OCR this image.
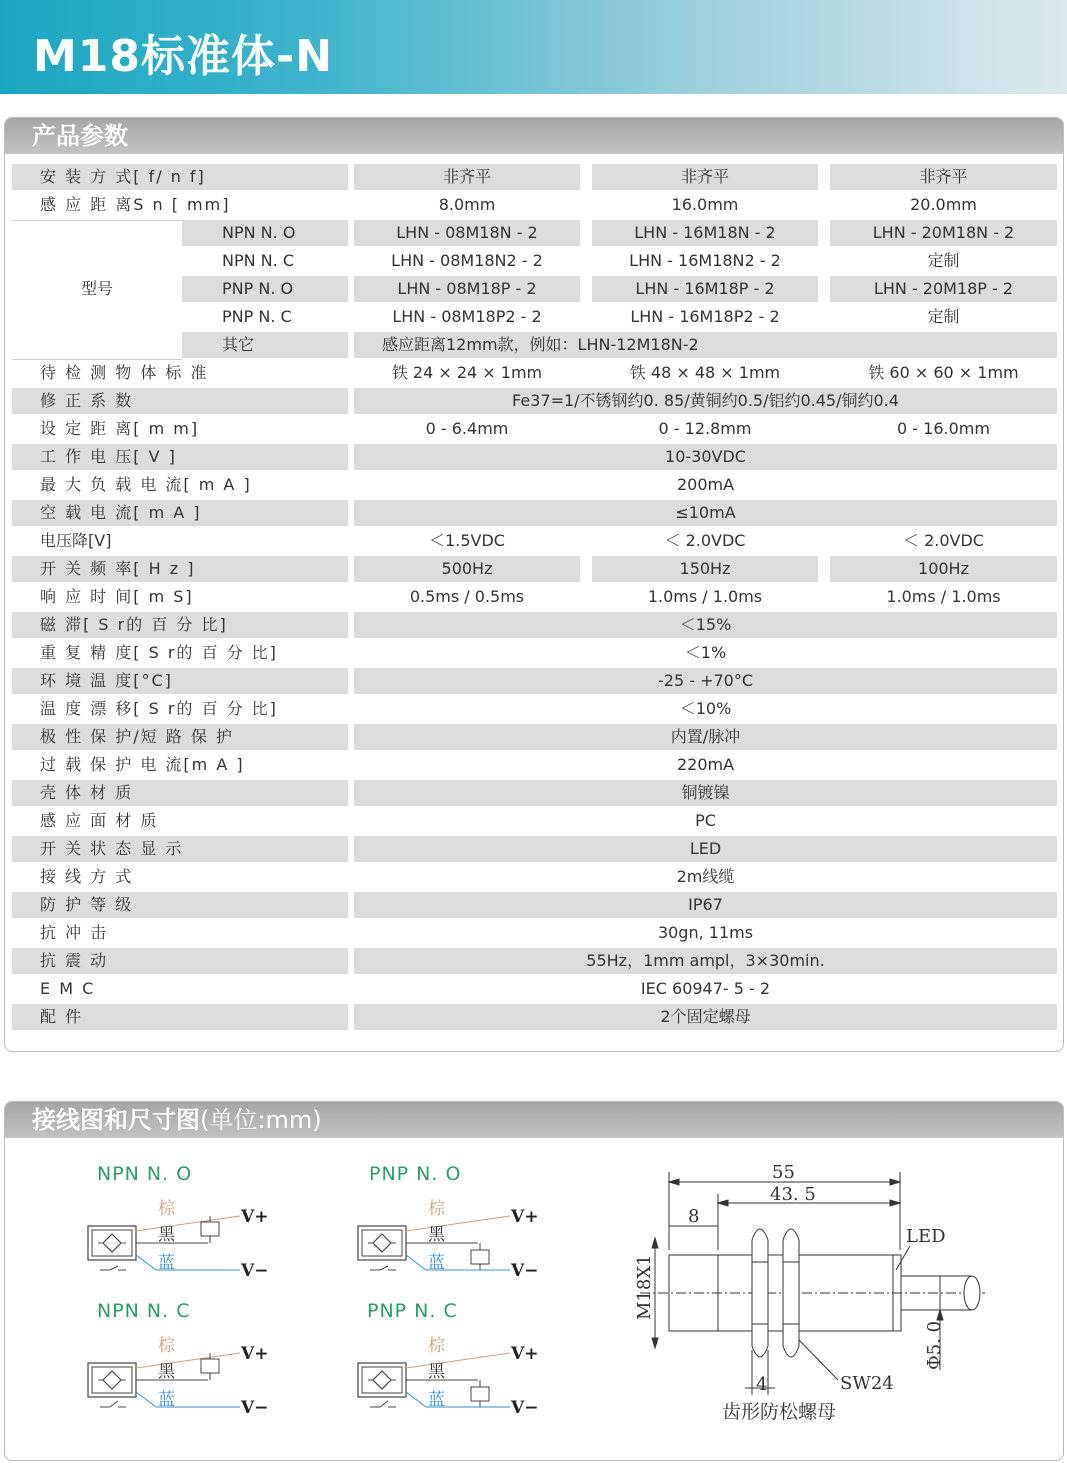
M18标准体-N
产品参数
安 装 方 式[ f/ n f]	非齐平	非齐平	非齐平
感 应 距 离S n [ mm]	8.0mm	16.0mm	20.0mm
型号
NPN N. O	LHN - 08M18N - 2	LHN - 16M18N - 2	LHN - 20M18N - 2
NPN N. C	LHN - 08M18N2 - 2	LHN - 16M18N2 - 2	定制
PNP N. O	LHN - 08M18P - 2	LHN - 16M18P - 2	LHN - 20M18P - 2
PNP N. C	LHN - 08M18P2 - 2	LHN - 16M18P2 - 2	定制
其它	感应距离12mm款，例如：LHN-12M18N-2
待 检 测 物 体 标 准	铁 24 × 24 × 1mm	铁 48 × 48 × 1mm	铁 60 × 60 × 1mm
修 正 系 数	Fe37=1/不锈钢约0. 85/黄铜约0.5/铝约0.45/铜约0.4
设 定 距 离[ m m]	0 - 6.4mm	0 - 12.8mm	0 - 16.0mm
工 作 电 压[ V ]	10-30VDC
最 大 负 载 电 流[ m A ]	200mA
空 载 电 流[ m A ]	≤10mA
电压降[V]	＜1.5VDC	＜ 2.0VDC	＜ 2.0VDC
开 关 频 率[ H z ]	500Hz	150Hz	100Hz
响 应 时 间[ m S]	0.5ms / 0.5ms	1.0ms / 1.0ms	1.0ms / 1.0ms
磁 滞[ S r的 百 分 比]	＜15%
重 复 精 度[ S r的 百 分 比]	＜1%
环 境 温 度[°C]	-25 - +70°C
温 度 漂 移[ S r的 百 分 比]	＜10%
极 性 保 护/短 路 保 护	内置/脉冲
过 载 保 护 电 流[m A ]	220mA
壳 体 材 质	铜镀镍
感 应 面 材 质	PC
开 关 状 态 显 示	LED
接 线 方 式	2m线缆
防 护 等 级	IP67
抗 冲 击	30gn, 11ms
抗 震 动	55Hz，1mm ampl，3×30min.
E M C	IEC 60947- 5 - 2
配 件	2个固定螺母
接线图和尺寸图(单位:mm)
NPN N. O	PNP N. O
NPN N. C	PNP N. C
55
43. 5
8
LED
M18X1
Φ5. 0
4	SW24
齿形防松螺母
棕
黑
蓝
V+
V−
棕
黑
蓝
V+
V−
棕
黑
蓝
V+
V−
棕
黑
蓝
V+
V−
